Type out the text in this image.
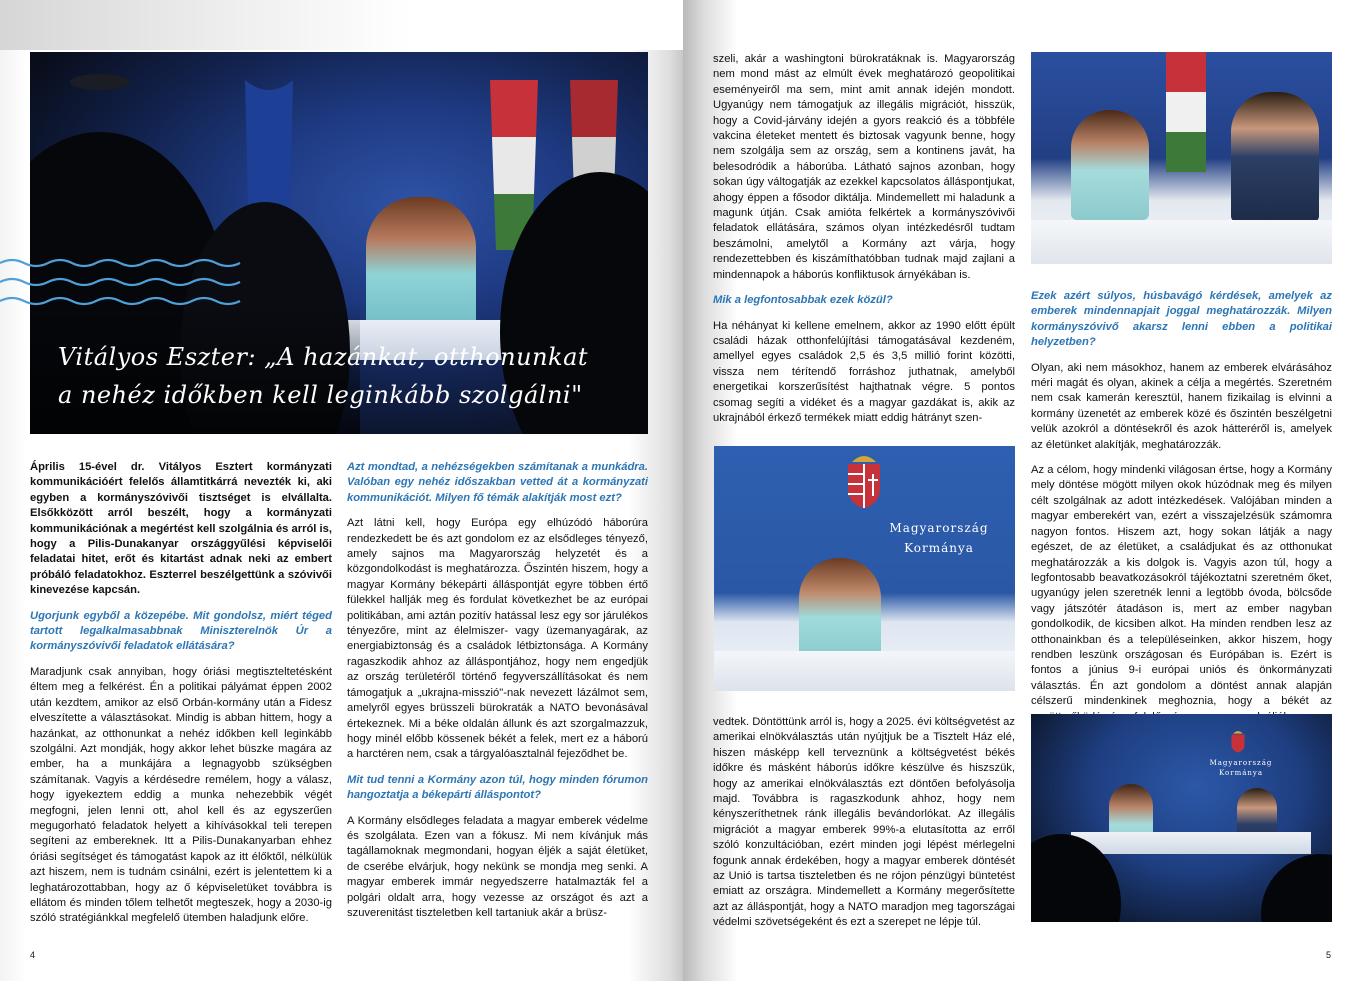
Vitályos Eszter: „A hazánkat, otthonunkat
a nehéz időkben kell leginkább szolgálni"

Április 15-ével dr. Vitályos Esztert kormányzati kommunikációért felelős államtitkárrá nevezték ki, aki egyben a kormányszóvivői tisztséget is elvállalta. Elsőkközött arról beszélt, hogy a kormányzati kommunikációnak a megértést kell szolgálnia és arról is, hogy a Pilis-Dunakanyar országgyűlési képviselői feladatai hitet, erőt és kitartást adnak neki az embert próbáló feladatokhoz. Eszterrel beszélgettünk a szóvivői kinevezése kapcsán.

Ugorjunk egyből a közepébe. Mit gondolsz, miért téged tartott legalkalmasabbnak Miniszterelnök Úr a kormányszóvivői feladatok ellátására?

Maradjunk csak annyiban, hogy óriási megtiszteltetésként éltem meg a felkérést. Én a politikai pályámat éppen 2002 után kezdtem, amikor az első Orbán-kormány után a Fidesz elveszítette a választásokat. Mindig is abban hittem, hogy a hazánkat, az otthonunkat a nehéz időkben kell leginkább szolgálni. Azt mondják, hogy akkor lehet büszke magára az ember, ha a munkájára a legnagyobb szükségben számítanak. Vagyis a kérdésedre remélem, hogy a válasz, hogy igyekeztem eddig a munka nehezebbik végét megfogni, jelen lenni ott, ahol kell és az egyszerűen megugorható feladatok helyett a kihívásokkal teli terepen segíteni az embereknek. Itt a Pilis-Dunakanyarban ehhez óriási segítséget és támogatást kapok az itt élőktől, nélkülük azt hiszem, nem is tudnám csinálni, ezért is jelentettem ki a leghatározottabban, hogy az ő képviseletüket továbbra is ellátom és minden tőlem telhetőt megteszek, hogy a 2030-ig szóló stratégiánkkal megfelelő ütemben haladjunk előre.

Azt mondtad, a nehézségekben számítanak a munkádra. Valóban egy nehéz időszakban vetted át a kormányzati kommunikációt. Milyen fő témák alakítják most ezt?

Azt látni kell, hogy Európa egy elhúzódó háborúra rendezkedett be és azt gondolom ez az elsődleges tényező, amely sajnos ma Magyarország helyzetét és a közgondolkodást is meghatározza. Őszintén hiszem, hogy a magyar Kormány békepárti álláspontját egyre többen értő fülekkel hallják meg és fordulat következhet be az európai politikában, ami aztán pozitív hatással lesz egy sor járulékos tényezőre, mint az élelmiszer- vagy üzemanyagárak, az energiabiztonság és a családok létbiztonsága. A Kormány ragaszkodik ahhoz az álláspontjához, hogy nem engedjük az ország területéről történő fegyverszállításokat és nem támogatjuk a „ukrajna-misszió"-nak nevezett lázálmot sem, amelyről egyes brüsszeli bürokraták a NATO bevonásával értekeznek. Mi a béke oldalán állunk és azt szorgalmazzuk, hogy minél előbb kössenek békét a felek, mert ez a háború a harctéren nem, csak a tárgyalóasztalnál fejeződhet be.

Mit tud tenni a Kormány azon túl, hogy minden fórumon hangoztatja a békepárti álláspontot?

A Kormány elsődleges feladata a magyar emberek védelme és szolgálata. Ezen van a fókusz. Mi nem kívánjuk más tagállamoknak megmondani, hogyan éljék a saját életüket, de cserébe elvárjuk, hogy nekünk se mondja meg senki. A magyar emberek immár negyedszerre hatalmazták fel a polgári oldalt arra, hogy vezesse az országot és azt a szuverenitást tiszteletben kell tartaniuk akár a brüsz-

4

szeli, akár a washingtoni bürokratáknak is. Magyarország nem mond mást az elmúlt évek meghatározó geopolitikai eseményeiről ma sem, mint amit annak idején mondott. Ugyanúgy nem támogatjuk az illegális migrációt, hisszük, hogy a Covid-járvány idején a gyors reakció és a többféle vakcina életeket mentett és biztosak vagyunk benne, hogy nem szolgálja sem az ország, sem a kontinens javát, ha belesodródik a háborúba. Látható sajnos azonban, hogy sokan úgy váltogatják az ezekkel kapcsolatos álláspontjukat, ahogy éppen a fősodor diktálja. Mindemellett mi haladunk a magunk útján. Csak amióta felkértek a kormányszóvivői feladatok ellátására, számos olyan intézkedésről tudtam beszámolni, amelytől a Kormány azt várja, hogy rendezettebben és kiszámíthatóbban tudnak majd zajlani a mindennapok a háborús konfliktusok árnyékában is.

Mik a legfontosabbak ezek közül?

Ha néhányat ki kellene emelnem, akkor az 1990 előtt épült családi házak otthonfelújítási támogatásával kezdeném, amellyel egyes családok 2,5 és 3,5 millió forint közötti, vissza nem térítendő forráshoz juthatnak, amelyből energetikai korszerűsítést hajthatnak végre. 5 pontos csomag segíti a vidéket és a magyar gazdákat is, akik az ukrajnából érkező termékek miatt eddig hátrányt szen-

Magyarország
Kormánya

vedtek. Döntöttünk arról is, hogy a 2025. évi költségvetést az amerikai elnökválasztás után nyújtjuk be a Tisztelt Ház elé, hiszen másképp kell terveznünk a költségvetést békés időkre és másként háborús időkre készülve és hiszszük, hogy az amerikai elnökválasztás ezt döntően befolyásolja majd. Továbbra is ragaszkodunk ahhoz, hogy nem kényszeríthetnek ránk illegális bevándorlókat. Az illegális migrációt a magyar emberek 99%-a elutasította az erről szóló konzultációban, ezért minden jogi lépést mérlegelni fogunk annak érdekében, hogy a magyar emberek döntését az Unió is tartsa tiszteletben és ne rójon pénzügyi büntetést emiatt az országra. Mindemellett a Kormány megerősítette azt az álláspontját, hogy a NATO maradjon meg tagországai védelmi szövetségeként és ezt a szerepet ne lépje túl.

Ezek azért súlyos, húsbavágó kérdések, amelyek az emberek mindennapjait joggal meghatározzák. Milyen kormányszóvivő akarsz lenni ebben a politikai helyzetben?

Olyan, aki nem másokhoz, hanem az emberek elvárásához méri magát és olyan, akinek a célja a megértés. Szeretném nem csak kamerán keresztül, hanem fizikailag is elvinni a kormány üzenetét az emberek közé és őszintén beszélgetni velük azokról a döntésekről és azok hátteréről is, amelyek az életünket alakítják, meghatározzák.

Az a célom, hogy mindenki világosan értse, hogy a Kormány mely döntése mögött milyen okok húzódnak meg és milyen célt szolgálnak az adott intézkedések. Valójában minden a magyar emberekért van, ezért a visszajelzésük számomra nagyon fontos. Hiszem azt, hogy sokan látják a nagy egészet, de az életüket, a családjukat és az otthonukat meghatározzák a kis dolgok is. Vagyis azon túl, hogy a legfontosabb beavatkozásokról tájékoztatni szeretném őket, ugyanúgy jelen szeretnék lenni a legtöbb óvoda, bölcsőde vagy játszótér átadáson is, mert az ember nagyban gondolkodik, de kicsiben alkot. Ha minden rendben lesz az otthonainkban és a településeinken, akkor hiszem, hogy rendben leszünk országosan és Európában is. Ezért is fontos a június 9-i európai uniós és önkormányzati választás. Én azt gondolom a döntést annak alapján célszerű mindenkinek meghoznia, hogy a békét az

Magyarország
Kormánya
5
